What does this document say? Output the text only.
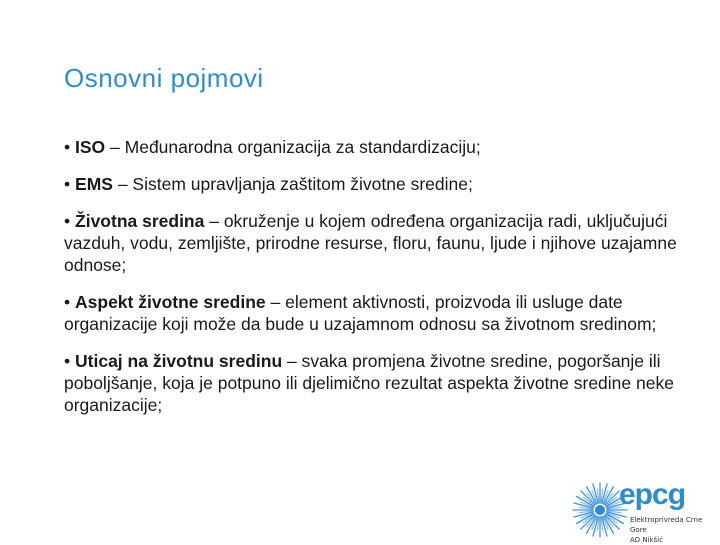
Osnovni pojmovi
• ISO – Međunarodna organizacija za standardizaciju;
• EMS – Sistem upravljanja zaštitom životne sredine;
• Životna sredina – okruženje u kojem određena organizacija radi, uključujući vazduh, vodu, zemljište, prirodne resurse, floru, faunu, ljude i njihove uzajamne odnose;
• Aspekt životne sredine – element aktivnosti, proizvoda ili usluge date organizacije koji može da bude u uzajamnom odnosu sa životnom sredinom;
• Uticaj na životnu sredinu – svaka promjena životne sredine, pogoršanje ili poboljšanje, koja je potpuno ili djelimično rezultat aspekta životne sredine neke organizacije;
epcg
Elektroprivreda Crne Gore
AD Nikšić
